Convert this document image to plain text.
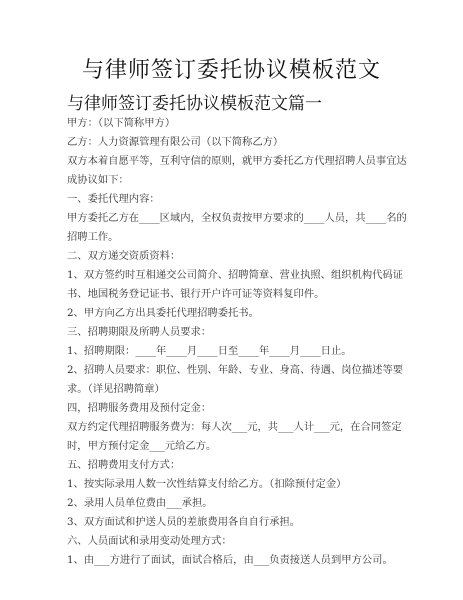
与律师签订委托协议模板范文
与律师签订委托协议模板范文篇一
甲方：（以下简称甲方）
乙方：人力资源管理有限公司（以下简称乙方）
双方本着自愿平等，互利守信的原则，就甲方委托乙方代理招聘人员事宜达
成协议如下：
一、委托代理内容：
甲方委托乙方在____区域内，全权负责按甲方要求的____人员，共____名的
招聘工作。
二、双方递交资质资料：
1、双方签约时互相递交公司简介、招聘简章、营业执照、组织机构代码证
书、地国税务登记证书、银行开户许可证等资料复印件。
2、甲方向乙方出具委托代理招聘委托书。
三、招聘期限及所聘人员要求：
1、招聘期限：____年____月____日至____年____月____日止。
2、招聘人员要求：职位、性别、年龄、专业、身高、待遇、岗位描述等要
求。（详见招聘简章）
四，招聘服务费用及预付定金：
双方约定代理招聘服务费为：每人次___元，共___人计___元，在合同签定
时，甲方预付定金___元给乙方。
五、招聘费用支付方式：
1、按实际录用人数一次性结算支付给乙方。（扣除预付定金）
2、录用人员单位费由___承担。
3、双方面试和护送人员的差旅费用各自自行承担。
六、人员面试和录用变动处理方式：
1、由___方进行了面试，面试合格后，由___负责接送人员到甲方公司。
